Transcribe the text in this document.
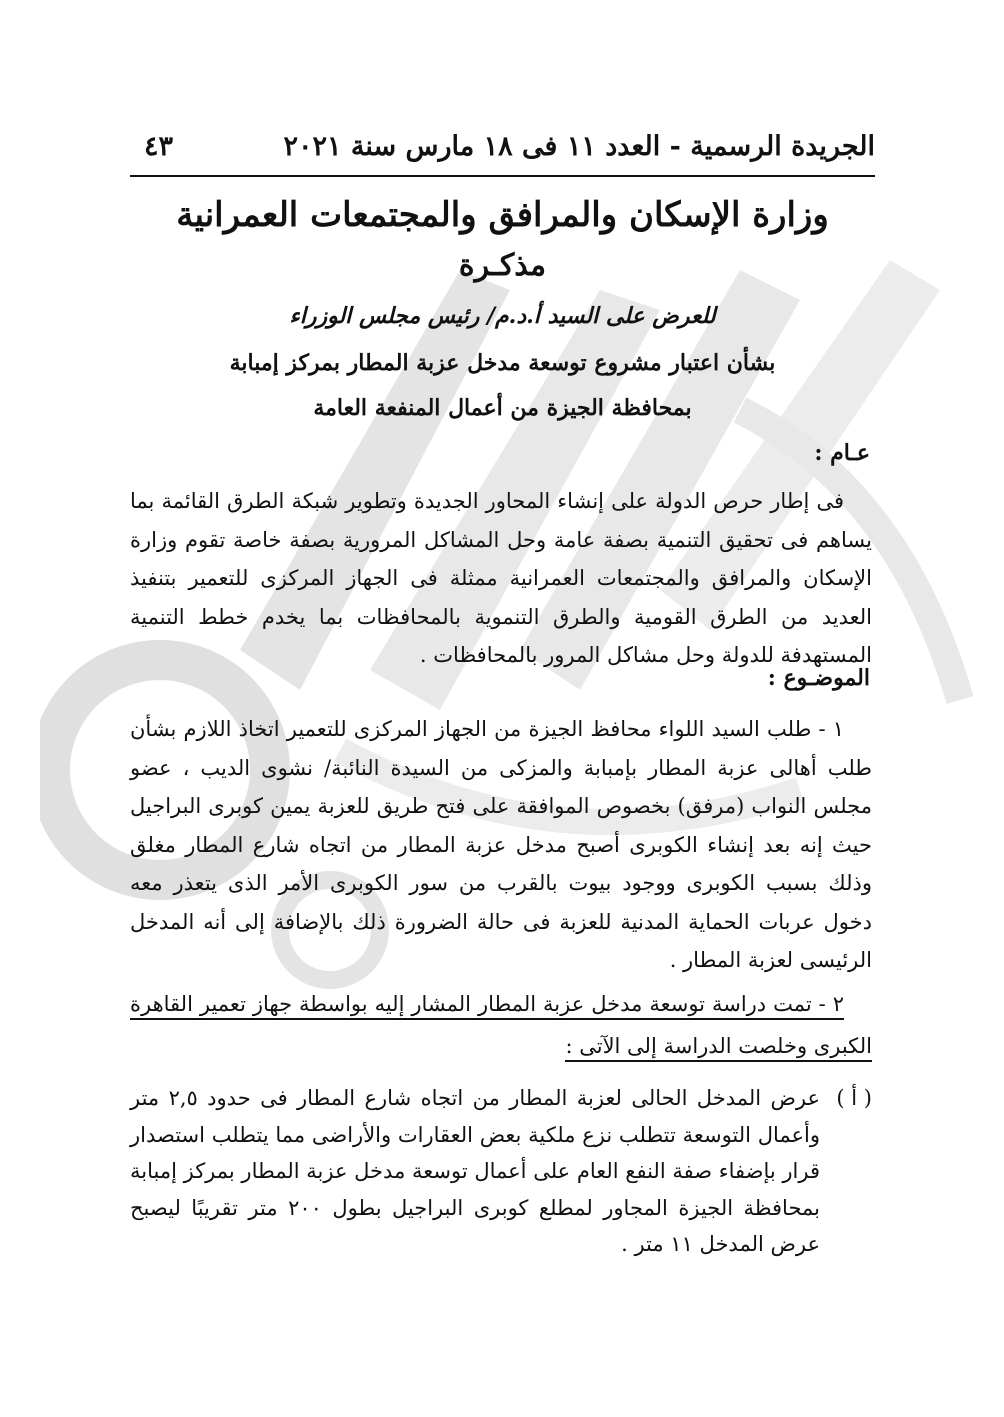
الجريدة الرسمية - العدد ١١ فى ١٨ مارس سنة ٢٠٢١
٤٣
وزارة الإسكان والمرافق والمجتمعات العمرانية
مذكـرة
للعرض على السيد أ.د.م/ رئيس مجلس الوزراء
بشأن اعتبار مشروع توسعة مدخل عزبة المطار بمركز إمبابة
بمحافظة الجيزة من أعمال المنفعة العامة
عـام :

فى إطار حرص الدولة على إنشاء المحاور الجديدة وتطوير شبكة الطرق القائمة بما يساهم فى تحقيق التنمية بصفة عامة وحل المشاكل المرورية بصفة خاصة تقوم وزارة الإسكان والمرافق والمجتمعات العمرانية ممثلة فى الجهاز المركزى للتعمير بتنفيذ العديد من الطرق القومية والطرق التنموية بالمحافظات بما يخدم خطط التنمية المستهدفة للدولة وحل مشاكل المرور بالمحافظات .

الموضـوع :

١ - طلب السيد اللواء محافظ الجيزة من الجهاز المركزى للتعمير اتخاذ اللازم بشأن طلب أهالى عزبة المطار بإمبابة والمزكى من السيدة النائبة/ نشوى الديب ، عضو مجلس النواب (مرفق) بخصوص الموافقة على فتح طريق للعزبة يمين كوبرى البراجيل حيث إنه بعد إنشاء الكوبرى أصبح مدخل عزبة المطار من اتجاه شارع المطار مغلق وذلك بسبب الكوبرى ووجود بيوت بالقرب من سور الكوبرى الأمر الذى يتعذر معه دخول عربات الحماية المدنية للعزبة فى حالة الضرورة ذلك بالإضافة إلى أنه المدخل الرئيسى لعزبة المطار .

٢ - تمت دراسة توسعة مدخل عزبة المطار المشار إليه بواسطة جهاز تعمير القاهرة
الكبرى وخلصت الدراسة إلى الآتى :
( أ )
عرض المدخل الحالى لعزبة المطار من اتجاه شارع المطار فى حدود ٢,٥ متر وأعمال التوسعة تتطلب نزع ملكية بعض العقارات والأراضى مما يتطلب استصدار قرار بإضفاء صفة النفع العام على أعمال توسعة مدخل عزبة المطار بمركز إمبابة بمحافظة الجيزة المجاور لمطلع كوبرى البراجيل بطول ٢٠٠ متر تقريبًا ليصبح عرض المدخل ١١ متر .
